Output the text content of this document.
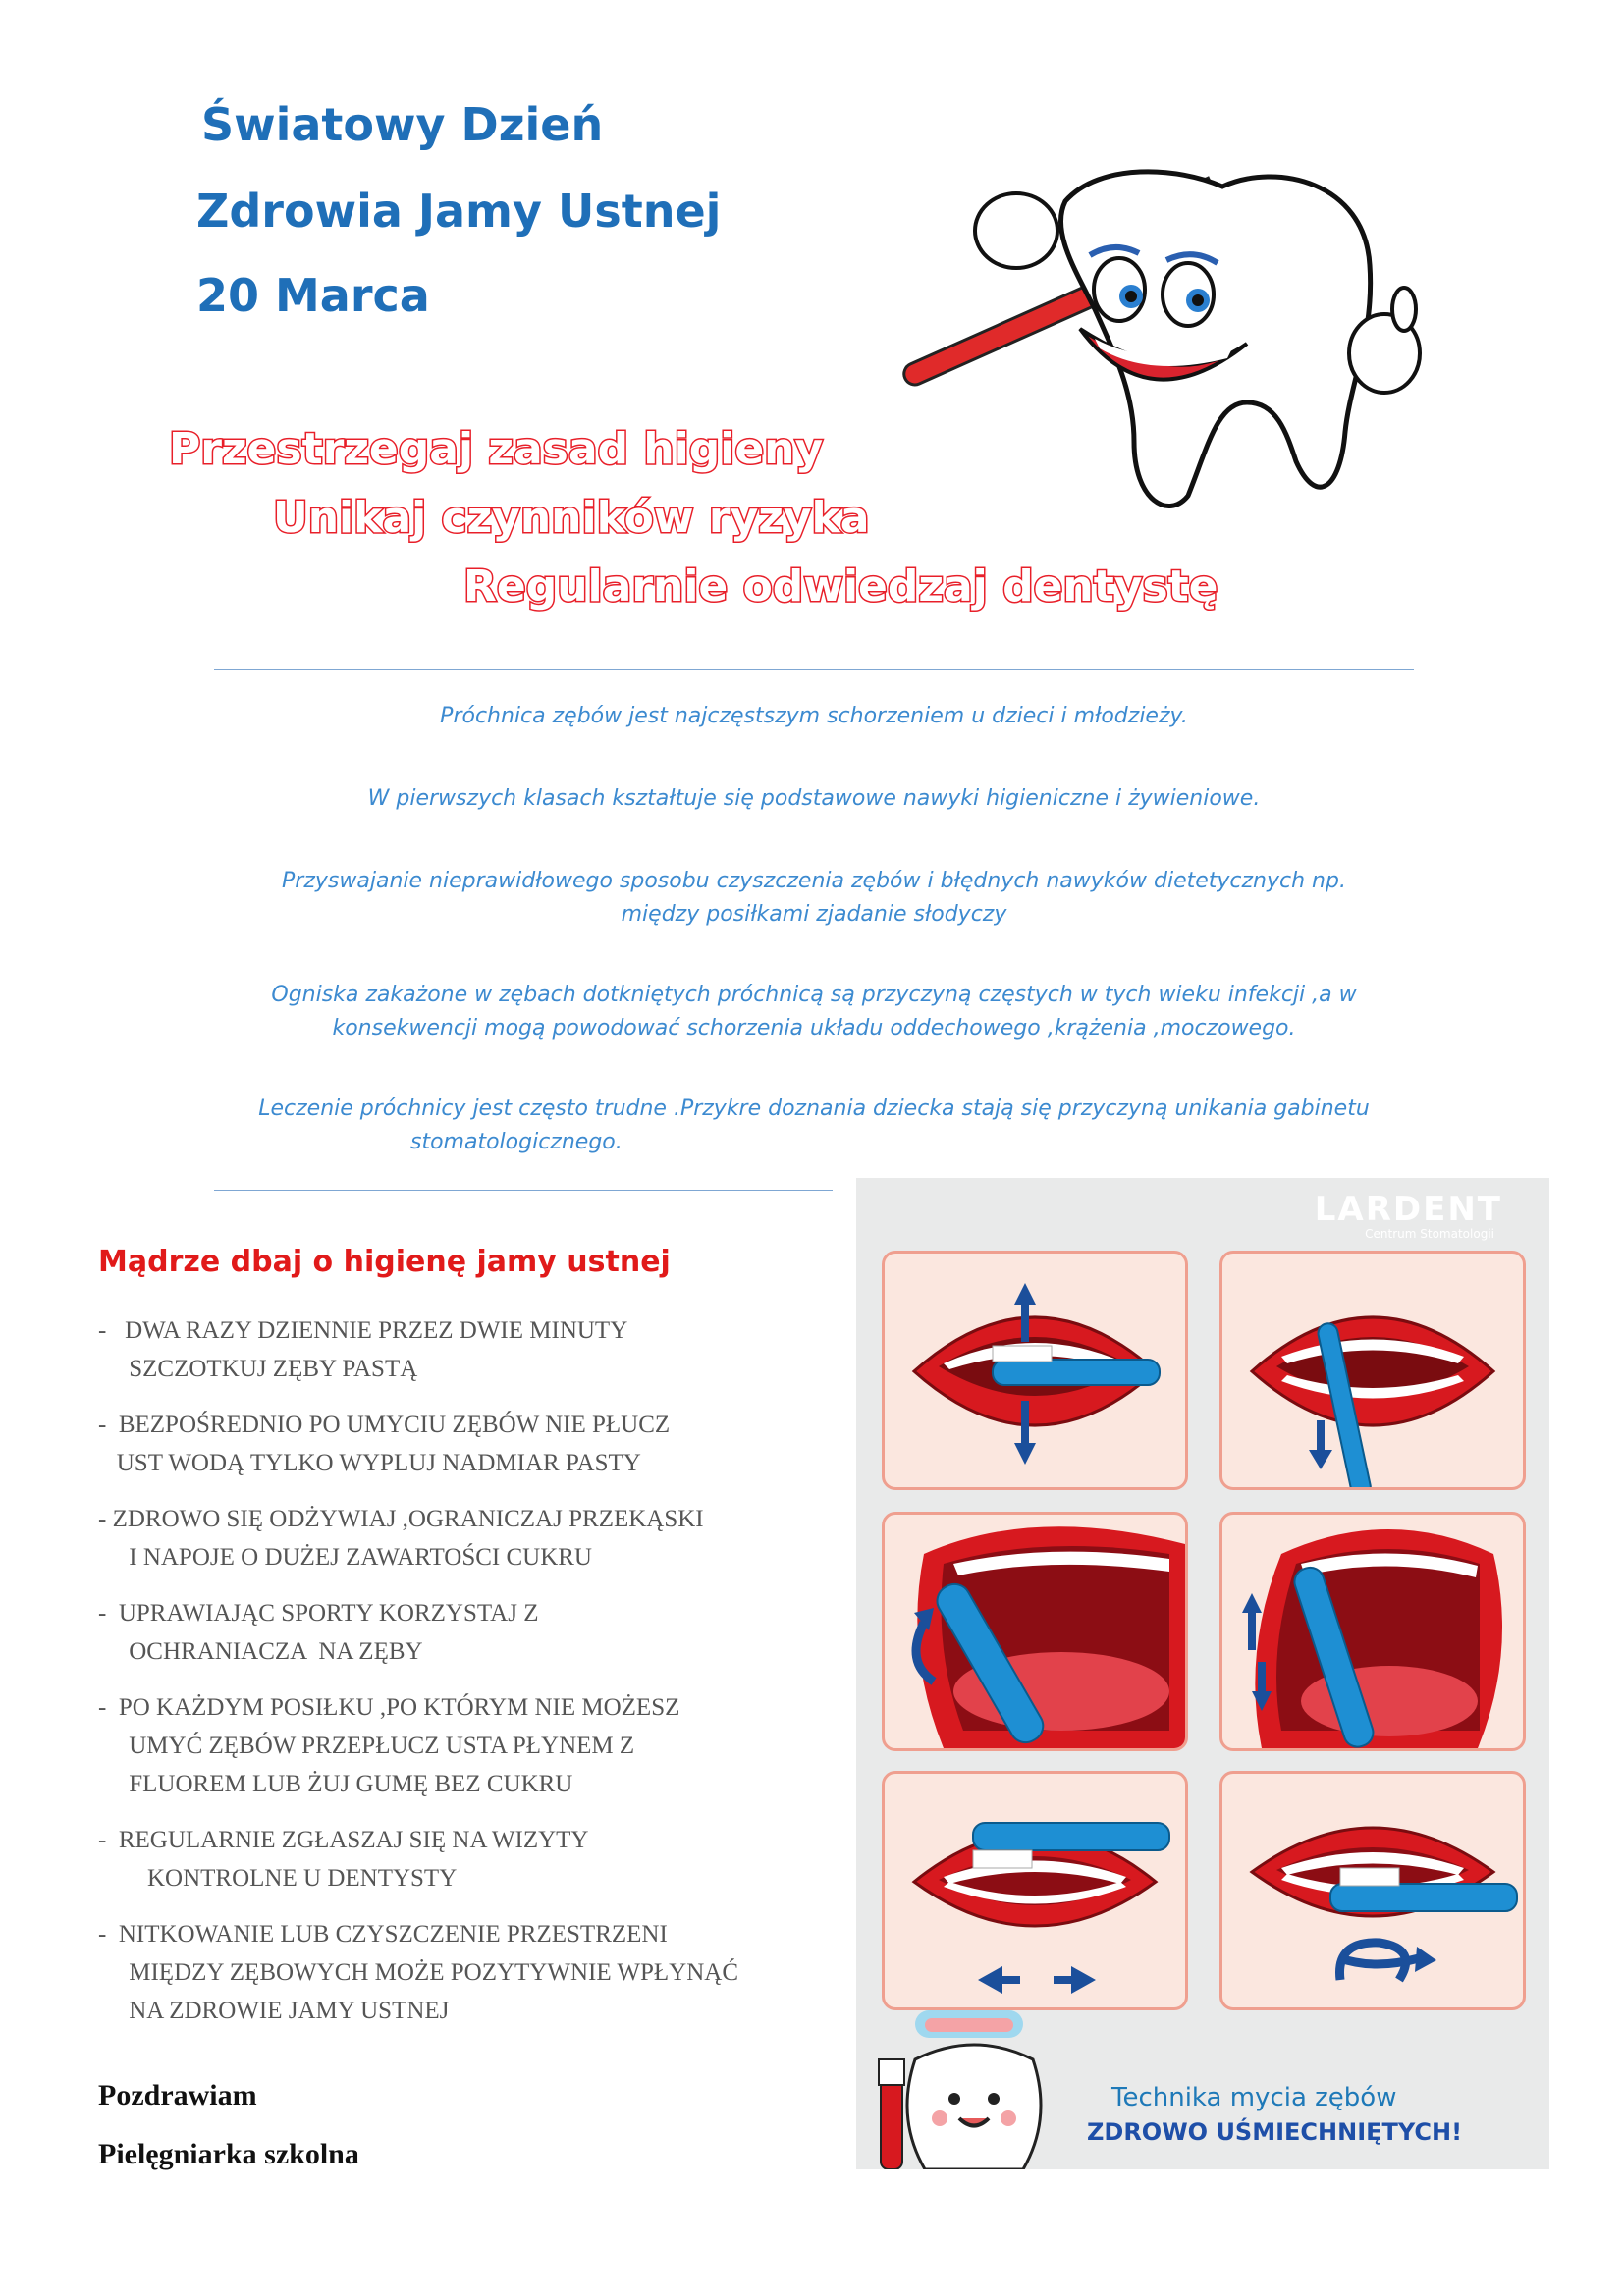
Światowy Dzień
Zdrowia Jamy Ustnej
20 Marca
Przestrzegaj zasad higieny
Unikaj czynników ryzyka
Regularnie odwiedzaj dentystę
Próchnica zębów jest najczęstszym schorzeniem u dzieci i młodzieży.
W pierwszych klasach kształtuje się podstawowe nawyki higieniczne i żywieniowe.
Przyswajanie nieprawidłowego sposobu czyszczenia zębów i błędnych nawyków dietetycznych np.
między posiłkami zjadanie słodyczy
Ogniska zakażone w zębach dotkniętych próchnicą są przyczyną częstych w tych wieku infekcji ,a w
konsekwencji mogą powodować schorzenia układu oddechowego ,krążenia ,moczowego.
Leczenie próchnicy jest często trudne .Przykre doznania dziecka stają się przyczyną unikania gabinetu
stomatologicznego.
Mądrze dbaj o higienę jamy ustnej
-   DWA RAZY DZIENNIE PRZEZ DWIE MINUTY
SZCZOTKUJ ZĘBY PASTĄ
-  BEZPOŚREDNIO PO UMYCIU ZĘBÓW NIE PŁUCZ
UST WODĄ TYLKO WYPLUJ NADMIAR PASTY
- ZDROWO SIĘ ODŻYWIAJ ,OGRANICZAJ PRZEKĄSKI
I NAPOJE O DUŻEJ ZAWARTOŚCI CUKRU
-  UPRAWIAJĄC SPORTY KORZYSTAJ Z
OCHRANIACZA  NA ZĘBY
-  PO KAŻDYM POSIŁKU ,PO KTÓRYM NIE MOŻESZ
UMYĆ ZĘBÓW PRZEPŁUCZ USTA PŁYNEM Z
FLUOREM LUB ŻUJ GUMĘ BEZ CUKRU
-  REGULARNIE ZGŁASZAJ SIĘ NA WIZYTY
KONTROLNE U DENTYSTY
-  NITKOWANIE LUB CZYSZCZENIE PRZESTRZENI
MIĘDZY ZĘBOWYCH MOŻE POZYTYWNIE WPŁYNĄĆ
NA ZDROWIE JAMY USTNEJ
Pozdrawiam
Pielęgniarka szkolna
LARDENT
Centrum Stomatologii
Technika mycia zębów
ZDROWO UŚMIECHNIĘTYCH!
